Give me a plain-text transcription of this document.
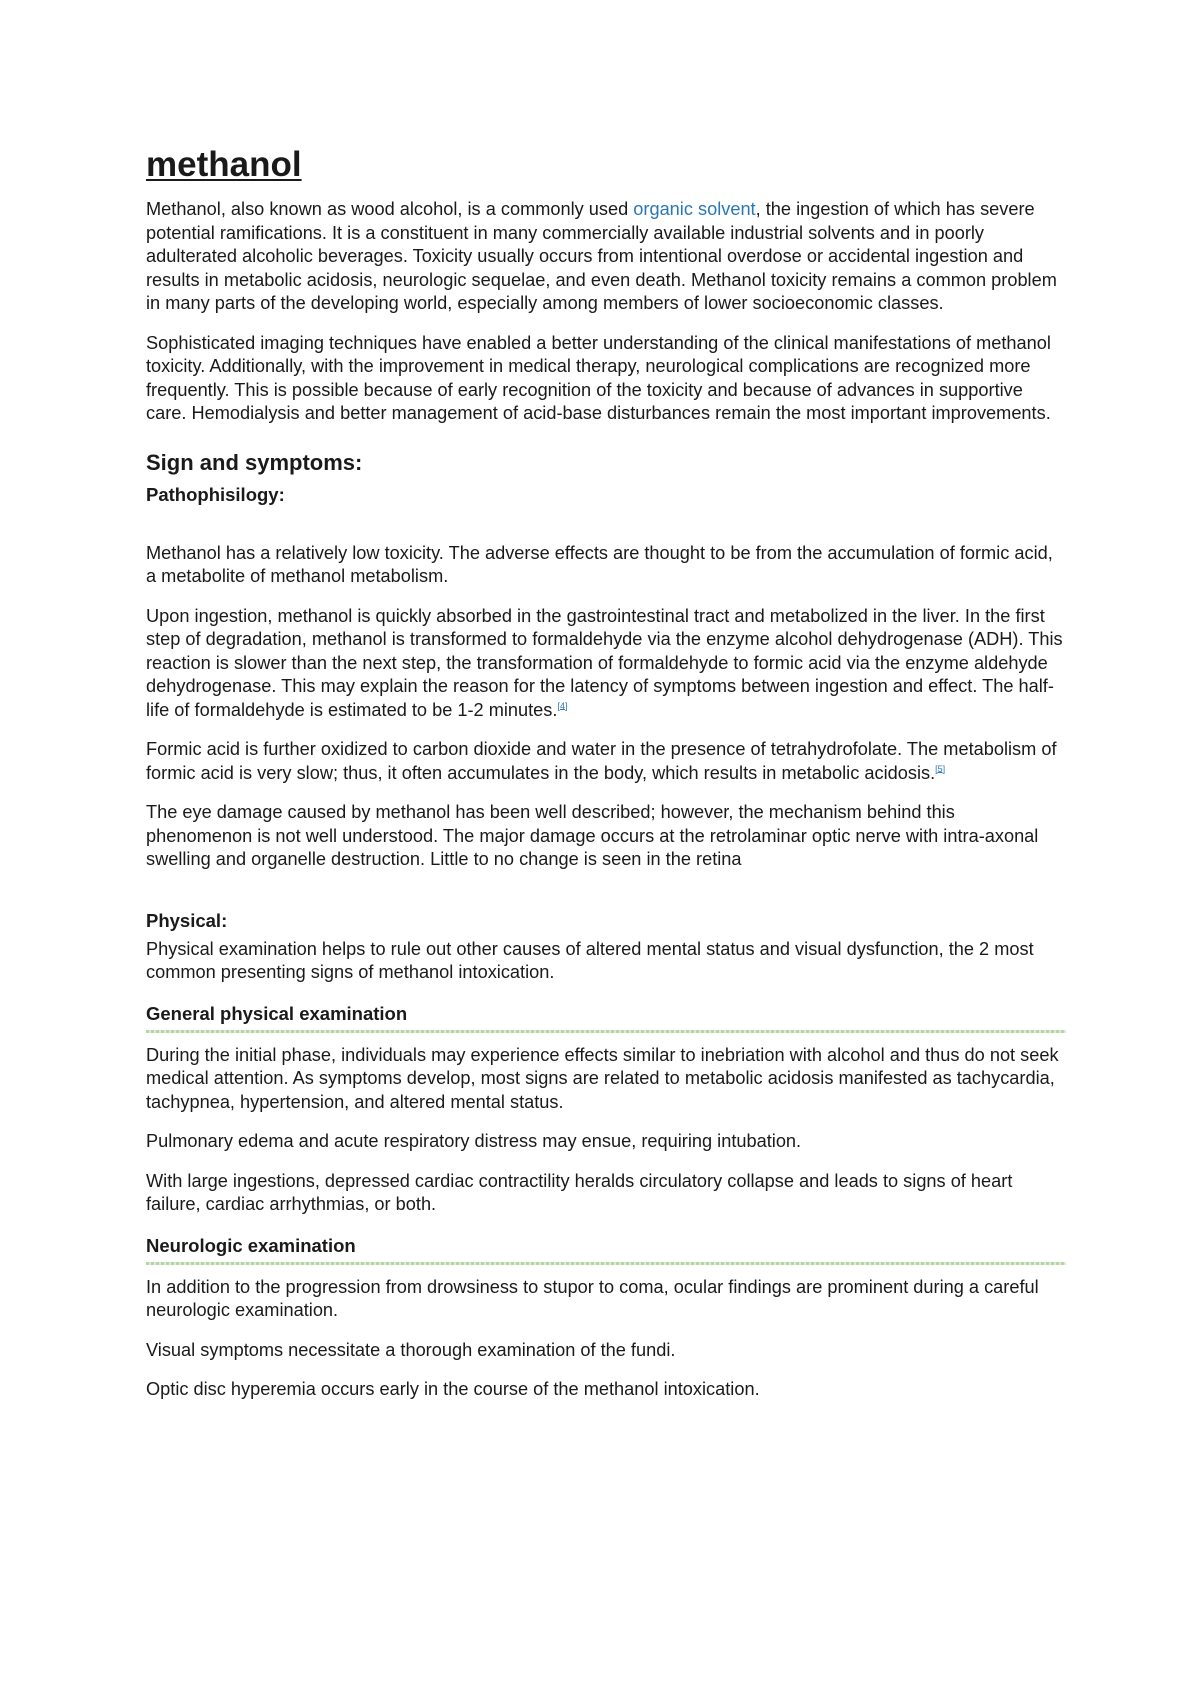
methanol

Methanol, also known as wood alcohol, is a commonly used organic solvent, the ingestion of which has severe potential ramifications. It is a constituent in many commercially available industrial solvents and in poorly adulterated alcoholic beverages. Toxicity usually occurs from intentional overdose or accidental ingestion and results in metabolic acidosis, neurologic sequelae, and even death. Methanol toxicity remains a common problem in many parts of the developing world, especially among members of lower socioeconomic classes.

Sophisticated imaging techniques have enabled a better understanding of the clinical manifestations of methanol toxicity. Additionally, with the improvement in medical therapy, neurological complications are recognized more frequently. This is possible because of early recognition of the toxicity and because of advances in supportive care. Hemodialysis and better management of acid-base disturbances remain the most important improvements.

Sign and symptoms:
Pathophisilogy:

Methanol has a relatively low toxicity. The adverse effects are thought to be from the accumulation of formic acid, a metabolite of methanol metabolism.

Upon ingestion, methanol is quickly absorbed in the gastrointestinal tract and metabolized in the liver. In the first step of degradation, methanol is transformed to formaldehyde via the enzyme alcohol dehydrogenase (ADH). This reaction is slower than the next step, the transformation of formaldehyde to formic acid via the enzyme aldehyde dehydrogenase. This may explain the reason for the latency of symptoms between ingestion and effect. The half-life of formaldehyde is estimated to be 1-2 minutes.[4]

Formic acid is further oxidized to carbon dioxide and water in the presence of tetrahydrofolate. The metabolism of formic acid is very slow; thus, it often accumulates in the body, which results in metabolic acidosis.[5]

The eye damage caused by methanol has been well described; however, the mechanism behind this phenomenon is not well understood. The major damage occurs at the retrolaminar optic nerve with intra-axonal swelling and organelle destruction. Little to no change is seen in the retina

Physical:

Physical examination helps to rule out other causes of altered mental status and visual dysfunction, the 2 most common presenting signs of methanol intoxication.

General physical examination

During the initial phase, individuals may experience effects similar to inebriation with alcohol and thus do not seek medical attention. As symptoms develop, most signs are related to metabolic acidosis manifested as tachycardia, tachypnea, hypertension, and altered mental status.

Pulmonary edema and acute respiratory distress may ensue, requiring intubation.

With large ingestions, depressed cardiac contractility heralds circulatory collapse and leads to signs of heart failure, cardiac arrhythmias, or both.

Neurologic examination

In addition to the progression from drowsiness to stupor to coma, ocular findings are prominent during a careful neurologic examination.

Visual symptoms necessitate a thorough examination of the fundi.

Optic disc hyperemia occurs early in the course of the methanol intoxication.
